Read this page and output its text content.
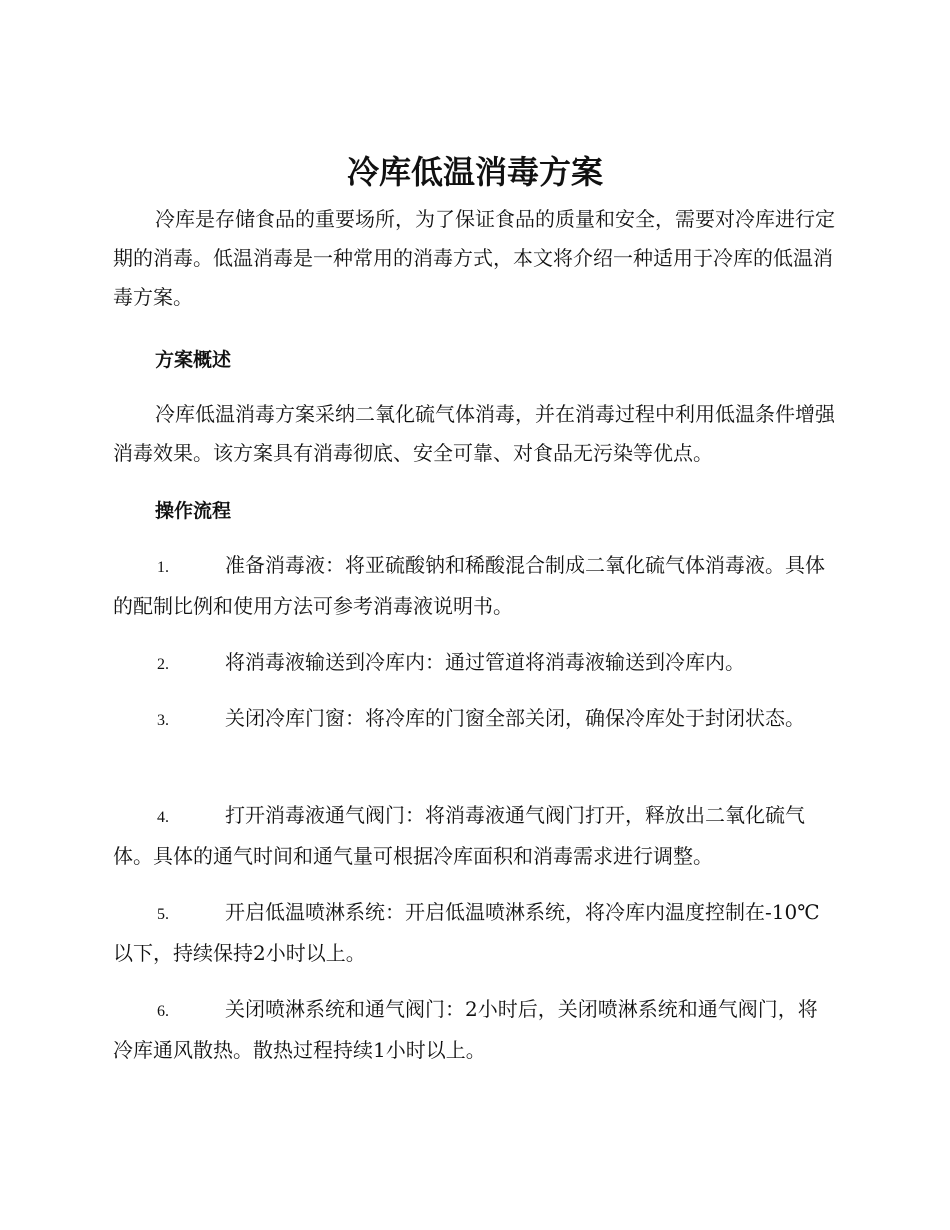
冷库低温消毒方案

冷库是存储食品的重要场所，为了保证食品的质量和安全，需要对冷库进行定期的消毒。低温消毒是一种常用的消毒方式，本文将介绍一种适用于冷库的低温消毒方案。

方案概述

冷库低温消毒方案采纳二氧化硫气体消毒，并在消毒过程中利用低温条件增强消毒效果。该方案具有消毒彻底、安全可靠、对食品无污染等优点。

操作流程

1.	准备消毒液：将亚硫酸钠和稀酸混合制成二氧化硫气体消毒液。具体的配制比例和使用方法可参考消毒液说明书。

2.	将消毒液输送到冷库内：通过管道将消毒液输送到冷库内。

3.	关闭冷库门窗：将冷库的门窗全部关闭，确保冷库处于封闭状态。

4.	打开消毒液通气阀门：将消毒液通气阀门打开，释放出二氧化硫气体。具体的通气时间和通气量可根据冷库面积和消毒需求进行调整。

5.	开启低温喷淋系统：开启低温喷淋系统，将冷库内温度控制在-10℃以下，持续保持2小时以上。

6.	关闭喷淋系统和通气阀门：2小时后，关闭喷淋系统和通气阀门，将冷库通风散热。散热过程持续1小时以上。
